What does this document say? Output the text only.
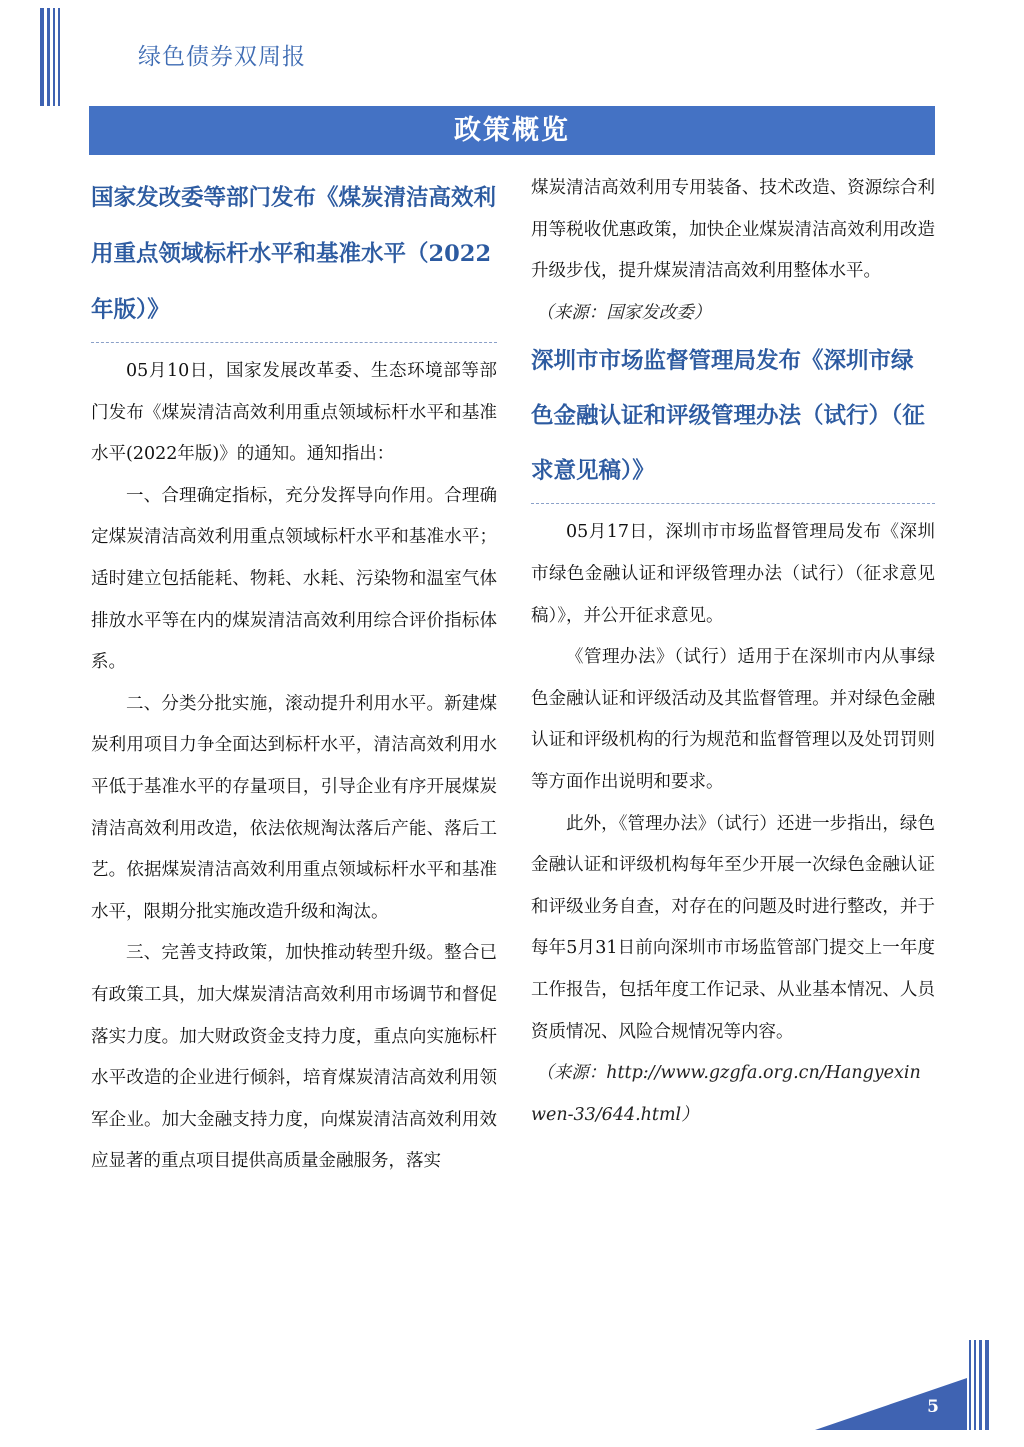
绿色债券双周报
政策概览
国家发改委等部门发布《煤炭清洁高效利用重点领域标杆水平和基准水平（2022年版）》

05月10日，国家发展改革委、生态环境部等部门发布《煤炭清洁高效利用重点领域标杆水平和基准水平(2022年版)》的通知。通知指出：

一、合理确定指标，充分发挥导向作用。合理确定煤炭清洁高效利用重点领域标杆水平和基准水平；适时建立包括能耗、物耗、水耗、污染物和温室气体排放水平等在内的煤炭清洁高效利用综合评价指标体系。

二、分类分批实施，滚动提升利用水平。新建煤炭利用项目力争全面达到标杆水平，清洁高效利用水平低于基准水平的存量项目，引导企业有序开展煤炭清洁高效利用改造，依法依规淘汰落后产能、落后工艺。依据煤炭清洁高效利用重点领域标杆水平和基准水平，限期分批实施改造升级和淘汰。

三、完善支持政策，加快推动转型升级。整合已有政策工具，加大煤炭清洁高效利用市场调节和督促落实力度。加大财政资金支持力度，重点向实施标杆水平改造的企业进行倾斜，培育煤炭清洁高效利用领军企业。加大金融支持力度，向煤炭清洁高效利用效应显著的重点项目提供高质量金融服务，落实

煤炭清洁高效利用专用装备、技术改造、资源综合利用等税收优惠政策，加快企业煤炭清洁高效利用改造升级步伐，提升煤炭清洁高效利用整体水平。

（来源：国家发改委）

深圳市市场监督管理局发布《深圳市绿色金融认证和评级管理办法（试行）（征求意见稿）》

05月17日，深圳市市场监督管理局发布《深圳市绿色金融认证和评级管理办法（试行）（征求意见稿）》，并公开征求意见。

《管理办法》（试行）适用于在深圳市内从事绿色金融认证和评级活动及其监督管理。并对绿色金融认证和评级机构的行为规范和监督管理以及处罚罚则等方面作出说明和要求。

此外，《管理办法》（试行）还进一步指出，绿色金融认证和评级机构每年至少开展一次绿色金融认证和评级业务自查，对存在的问题及时进行整改，并于每年5月31日前向深圳市市场监管部门提交上一年度工作报告，包括年度工作记录、从业基本情况、人员资质情况、风险合规情况等内容。

（来源：http://www.gzgfa.org.cn/Hangyexinwen-33/644.html）

5
